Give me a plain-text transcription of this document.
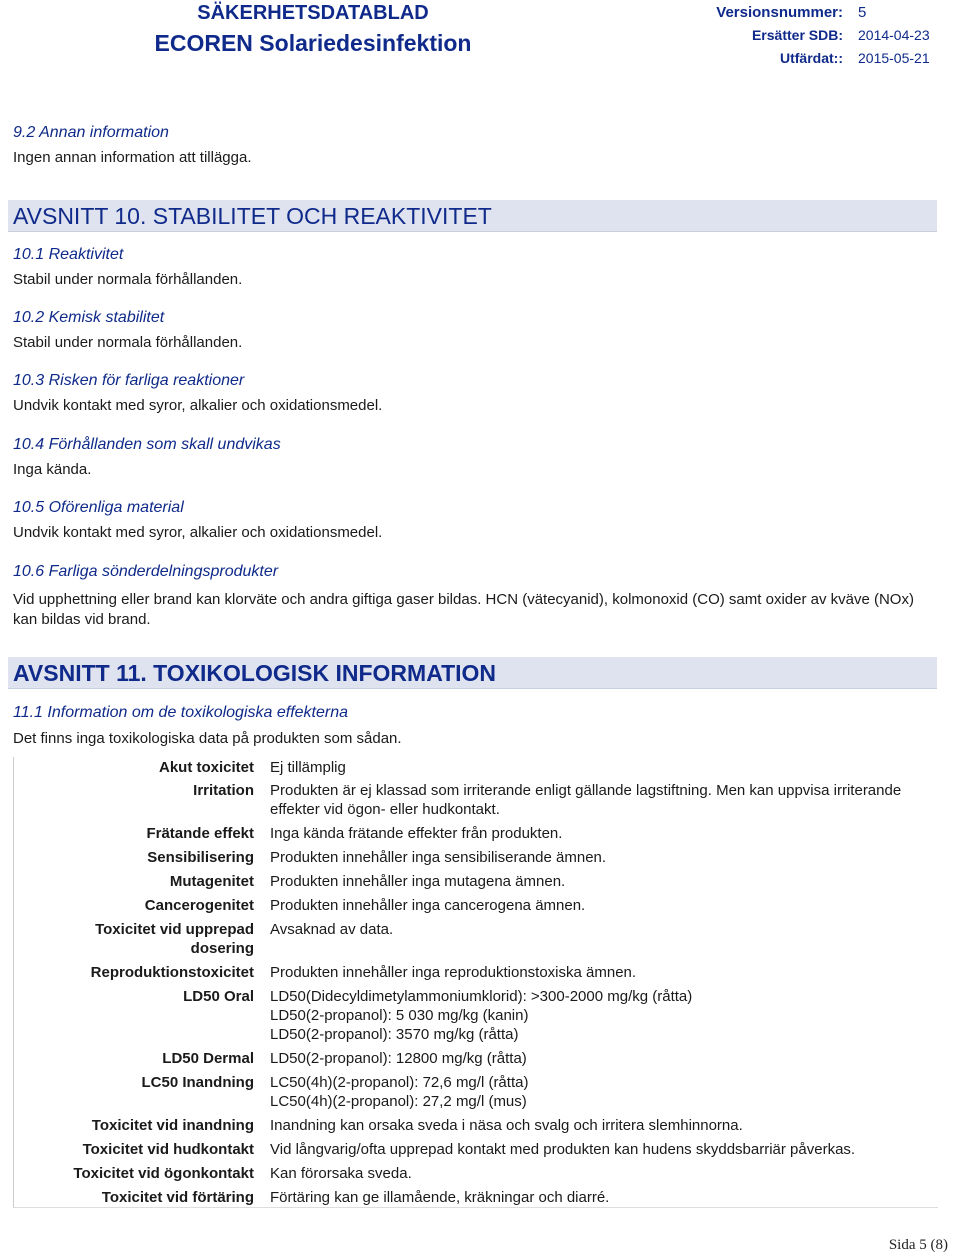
SÄKERHETSDATABLAD
ECOREN Solariedesinfektion
Versionsnummer: 5
Ersätter SDB: 2014-04-23
Utfärdat:: 2015-05-21
9.2 Annan information
Ingen annan information att tillägga.
AVSNITT 10. STABILITET OCH REAKTIVITET
10.1 Reaktivitet
Stabil under normala förhållanden.
10.2 Kemisk stabilitet
Stabil under normala förhållanden.
10.3 Risken för farliga reaktioner
Undvik kontakt med syror, alkalier och oxidationsmedel.
10.4 Förhållanden som skall undvikas
Inga kända.
10.5 Oförenliga material
Undvik kontakt med syror, alkalier och oxidationsmedel.
10.6 Farliga sönderdelningsprodukter
Vid upphettning eller brand kan klorväte och andra giftiga gaser bildas. HCN (vätecyanid), kolmonoxid (CO) samt oxider av kväve (NOx) kan bildas vid brand.
AVSNITT 11. TOXIKOLOGISK INFORMATION
11.1 Information om de toxikologiska effekterna
Det finns inga toxikologiska data på produkten som sådan.
Akut toxicitet Ej tillämplig
Irritation Produkten är ej klassad som irriterande enligt gällande lagstiftning. Men kan uppvisa irriterande effekter vid ögon- eller hudkontakt.
Frätande effekt Inga kända frätande effekter från produkten.
Sensibilisering Produkten innehåller inga sensibiliserande ämnen.
Mutagenitet Produkten innehåller inga mutagena ämnen.
Cancerogenitet Produkten innehåller inga cancerogena ämnen.
Toxicitet vid upprepad dosering
Avsaknad av data.
Reproduktionstoxicitet Produkten innehåller inga reproduktionstoxiska ämnen.
LD50 Oral LD50(Didecyldimetylammoniumklorid): >300-2000 mg/kg (råtta)
LD50(2-propanol): 5 030 mg/kg (kanin)
LD50(2-propanol): 3570 mg/kg (råtta)
LD50 Dermal LD50(2-propanol): 12800 mg/kg (råtta)
LC50 Inandning LC50(4h)(2-propanol): 72,6 mg/l (råtta)
LC50(4h)(2-propanol): 27,2 mg/l (mus)
Toxicitet vid inandning Inandning kan orsaka sveda i näsa och svalg och irritera slemhinnorna.
Toxicitet vid hudkontakt Vid långvarig/ofta upprepad kontakt med produkten kan hudens skyddsbarriär påverkas.
Toxicitet vid ögonkontakt Kan förorsaka sveda.
Toxicitet vid förtäring Förtäring kan ge illamående, kräkningar och diarré.
Sida 5 (8)
